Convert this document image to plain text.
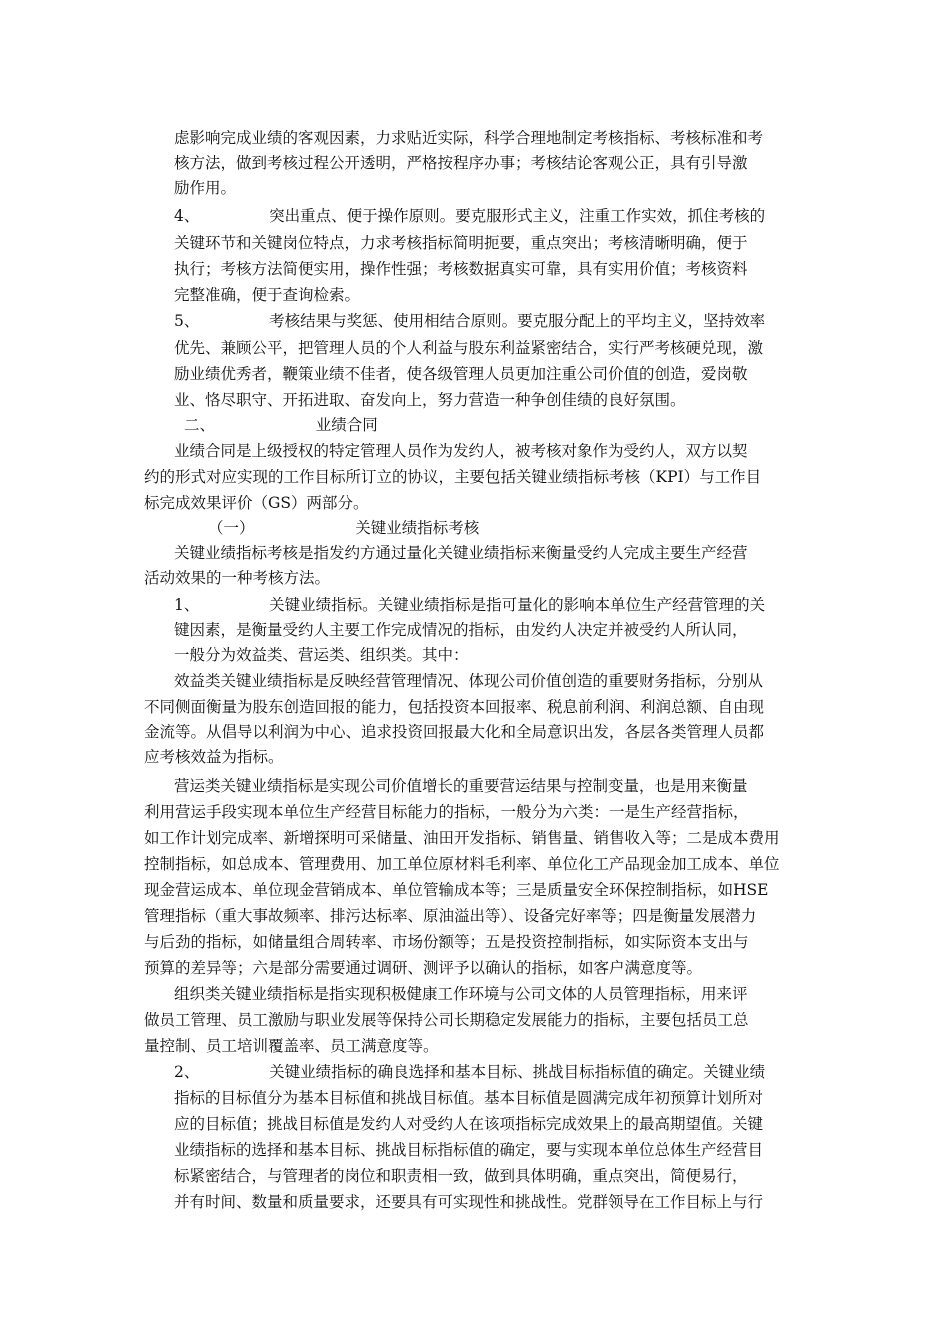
虑影响完成业绩的客观因素，力求贴近实际，科学合理地制定考核指标、考核标准和考
核方法，做到考核过程公开透明，严格按程序办事；考核结论客观公正，具有引导激
励作用。
4、　　　　　突出重点、便于操作原则。要克服形式主义，注重工作实效，抓住考核的
关键环节和关键岗位特点，力求考核指标简明扼要，重点突出；考核清晰明确，便于
执行；考核方法简便实用，操作性强；考核数据真实可靠，具有实用价值；考核资料
完整准确，便于查询检索。
5、　　　　　考核结果与奖惩、使用相结合原则。要克服分配上的平均主义，坚持效率
优先、兼顾公平，把管理人员的个人利益与股东利益紧密结合，实行严考核硬兑现，激
励业绩优秀者，鞭策业绩不佳者，使各级管理人员更加注重公司价值的创造，爱岗敬
业、恪尽职守、开拓进取、奋发向上，努力营造一种争创佳绩的良好氛围。
二、　　　　　　　业绩合同
业绩合同是上级授权的特定管理人员作为发约人，被考核对象作为受约人，双方以契
约的形式对应实现的工作目标所订立的协议，主要包括关键业绩指标考核（KPI）与工作目
标完成效果评价（GS）两部分。
（一）　　　　　　　关键业绩指标考核
关键业绩指标考核是指发约方通过量化关键业绩指标来衡量受约人完成主要生产经营
活动效果的一种考核方法。
1、　　　　　关键业绩指标。关键业绩指标是指可量化的影响本单位生产经营管理的关
键因素，是衡量受约人主要工作完成情况的指标，由发约人决定并被受约人所认同，
一般分为效益类、营运类、组织类。其中：
效益类关键业绩指标是反映经营管理情况、体现公司价值创造的重要财务指标，分别从
不同侧面衡量为股东创造回报的能力，包括投资本回报率、税息前利润、利润总额、自由现
金流等。从倡导以利润为中心、追求投资回报最大化和全局意识出发，各层各类管理人员都
应考核效益为指标。
营运类关键业绩指标是实现公司价值增长的重要营运结果与控制变量，也是用来衡量
利用营运手段实现本单位生产经营目标能力的指标，一般分为六类：一是生产经营指标，
如工作计划完成率、新增探明可采储量、油田开发指标、销售量、销售收入等；二是成本费用
控制指标，如总成本、管理费用、加工单位原材料毛利率、单位化工产品现金加工成本、单位
现金营运成本、单位现金营销成本、单位管输成本等；三是质量安全环保控制指标，如HSE
管理指标（重大事故频率、排污达标率、原油溢出等）、设备完好率等；四是衡量发展潜力
与后劲的指标，如储量组合周转率、市场份额等；五是投资控制指标，如实际资本支出与
预算的差异等；六是部分需要通过调研、测评予以确认的指标，如客户满意度等。
组织类关键业绩指标是指实现积极健康工作环境与公司文体的人员管理指标，用来评
做员工管理、员工激励与职业发展等保持公司长期稳定发展能力的指标，主要包括员工总
量控制、员工培训覆盖率、员工满意度等。
2、　　　　　关键业绩指标的确良选择和基本目标、挑战目标指标值的确定。关键业绩
指标的目标值分为基本目标值和挑战目标值。基本目标值是圆满完成年初预算计划所对
应的目标值；挑战目标值是发约人对受约人在该项指标完成效果上的最高期望值。关键
业绩指标的选择和基本目标、挑战目标指标值的确定，要与实现本单位总体生产经营目
标紧密结合，与管理者的岗位和职责相一致，做到具体明确，重点突出，简便易行，
并有时间、数量和质量要求，还要具有可实现性和挑战性。党群领导在工作目标上与行
